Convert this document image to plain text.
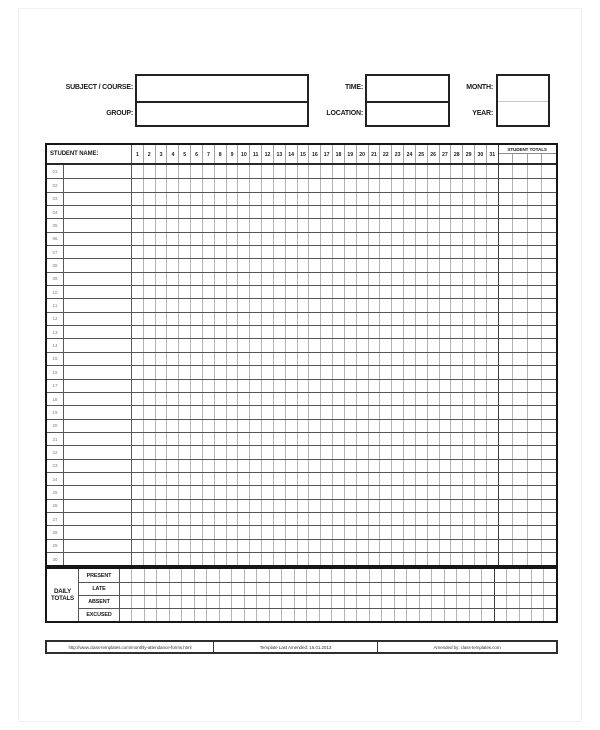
SUBJECT / COURSE:
GROUP:
TIME:
LOCATION:
MONTH:
YEAR:
STUDENT NAME:	1	2	3	4	5	6	7	8	9	10	11	12	13	14	15	16	17	18	19	20	21	22	23	24	25	26	27	28	29	30	31
STUDENT TOTALS
01
02
03
04
05
06
07
08
09
10
11
12
13
14
15
16
17
18
19
20
21
22
23
24
25
26
27
28
29
30
DAILY TOTALS
PRESENT
LATE
ABSENT
EXCUSED
http://www.class-templates.com/monthly-attendance-forms.html	Template Last Amended: 16.01.2013	Amended by: class-templates.com
